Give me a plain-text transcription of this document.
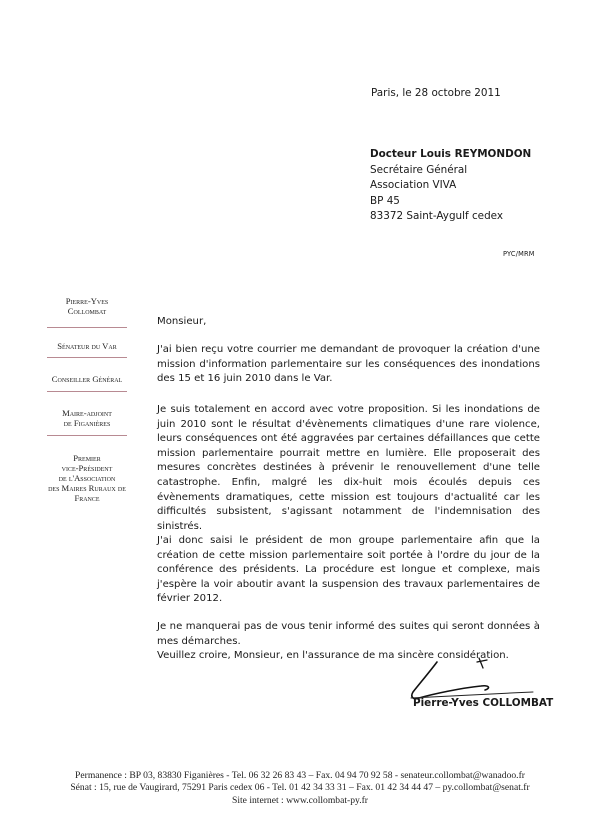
Paris, le 28 octobre 2011
Docteur Louis REYMONDON
Secrétaire Général
Association VIVA
BP 45
83372 Saint-Aygulf cedex
PYC/MRM
Pierre-Yves
Collombat
Sénateur du Var
Conseiller Général
Maire-adjoint
de Figanières
Premier
vice-Président
de l'Association
des Maires Ruraux de
France
Monsieur,

J'ai bien reçu votre courrier me demandant de provoquer la création d'une mission d'information parlementaire sur les conséquences des inondations des 15 et 16 juin 2010 dans le Var.

Je suis totalement en accord avec votre proposition. Si les inondations de juin 2010 sont le résultat d'évènements climatiques d'une rare violence, leurs conséquences ont été aggravées par certaines défaillances que cette mission parlementaire pourrait mettre en lumière. Elle proposerait des mesures concrètes destinées à prévenir le renouvellement d'une telle catastrophe. Enfin, malgré les dix-huit mois écoulés depuis ces évènements dramatiques, cette mission est toujours d'actualité car les difficultés subsistent, s'agissant notamment de l'indemnisation des sinistrés.

J'ai donc saisi le président de mon groupe parlementaire afin que la création de cette mission parlementaire soit portée à l'ordre du jour de la conférence des présidents. La procédure est longue et complexe, mais j'espère la voir aboutir avant la suspension des travaux parlementaires de février 2012.

Je ne manquerai pas de vous tenir informé des suites qui seront données à mes démarches.
Veuillez croire, Monsieur, en l'assurance de ma sincère considération.
Pierre-Yves COLLOMBAT
Permanence : BP 03, 83830 Figanières - Tel. 06 32 26 83 43 – Fax. 04 94 70 92 58 - senateur.collombat@wanadoo.fr
Sénat : 15, rue de Vaugirard, 75291 Paris cedex 06 - Tel. 01 42 34 33 31 – Fax. 01 42 34 44 47 – py.collombat@senat.fr
Site internet : www.collombat-py.fr
